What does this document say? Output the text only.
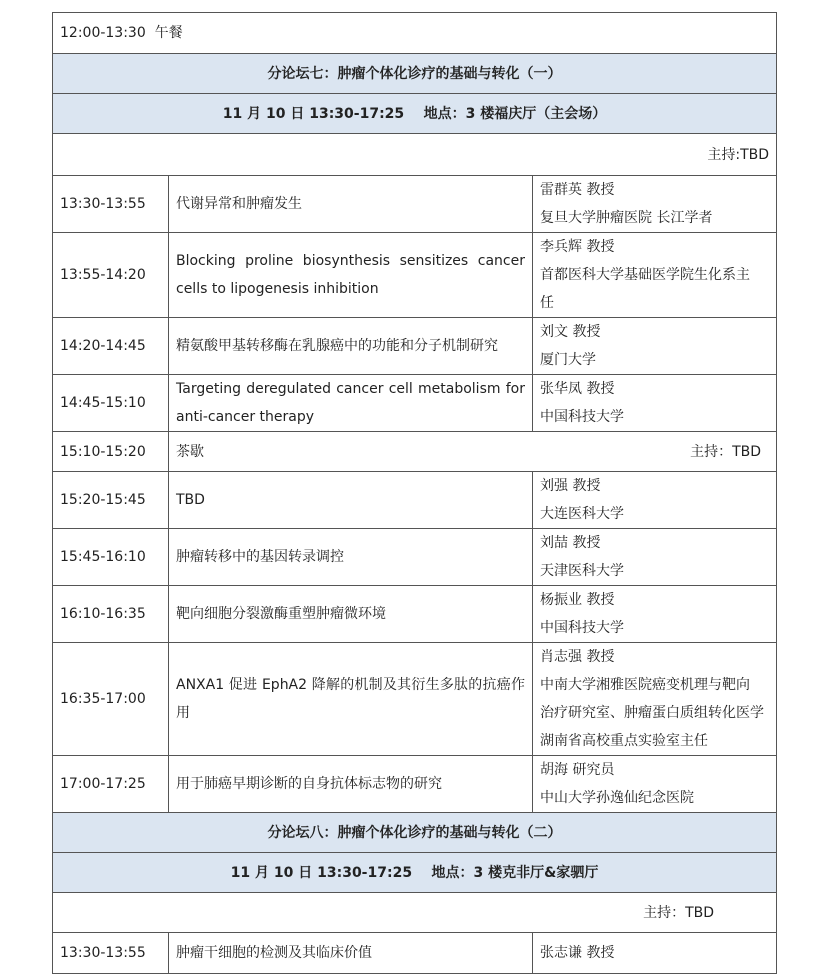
12:00-13:30 午餐		
分论坛七：肿瘤个体化诊疗的基础与转化（一）		
11 月 10 日 13:30-17:25    地点：3 楼福庆厅（主会场）		
主持:TBD		
13:30-13:55	代谢异常和肿瘤发生	雷群英 教授
复旦大学肿瘤医院 长江学者

13:55-14:20	Blocking proline biosynthesis sensitizes cancer cells to lipogenesis inhibition	李兵辉 教授
首都医科大学基础医学院生化系主
任

14:20-14:45	精氨酸甲基转移酶在乳腺癌中的功能和分子机制研究	刘文 教授
厦门大学

14:45-15:10	Targeting deregulated cancer cell metabolism for anti-cancer therapy	张华凤 教授
中国科技大学

15:10-15:20	茶歇 主持：TBD	

15:20-15:45	TBD	刘强 教授
大连医科大学

15:45-16:10	肿瘤转移中的基因转录调控	刘喆 教授
天津医科大学

16:10-16:35	靶向细胞分裂激酶重塑肿瘤微环境	杨振业 教授
中国科技大学

16:35-17:00	ANXA1 促进 EphA2 降解的机制及其衍生多肽的抗癌作用	肖志强 教授
中南大学湘雅医院癌变机理与靶向
治疗研究室、肿瘤蛋白质组转化医学
湖南省高校重点实验室主任

17:00-17:25	用于肺癌早期诊断的自身抗体标志物的研究	胡海 研究员
中山大学孙逸仙纪念医院

分论坛八：肿瘤个体化诊疗的基础与转化（二）		
11 月 10 日 13:30-17:25    地点：3 楼克非厅&家驷厅		
主持：TBD		
13:30-13:55	肿瘤干细胞的检测及其临床价值	张志谦 教授
